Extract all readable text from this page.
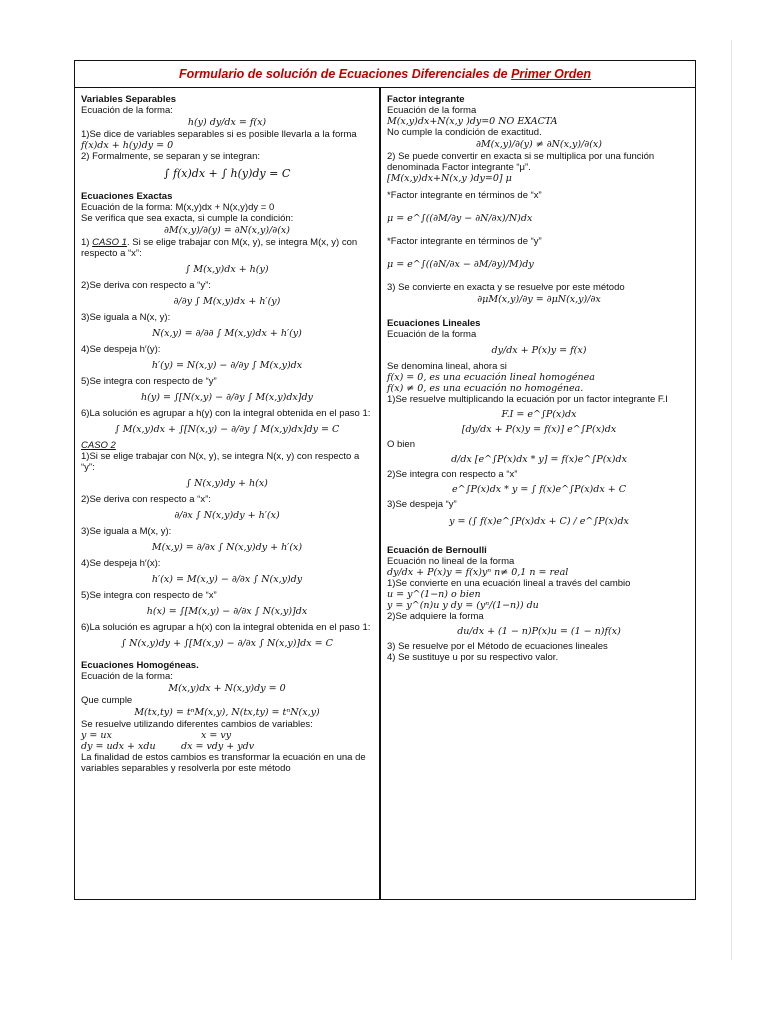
Formulario de solución de Ecuaciones Diferenciales de Primer Orden
Variables Separables
Ecuación de la forma:
h(y) dy/dx = f(x)
1)Se dice de variables separables si es posible llevarla a la forma
f(x)dx + h(y)dy = 0
2) Formalmente, se separan y se integran:
∫ f(x)dx + ∫ h(y)dy = C
Ecuaciones Exactas
Ecuación de la forma: M(x,y)dx + N(x,y)dy = 0
Se verifica que sea exacta, si cumple la condición:
∂M(x,y)/∂(y) = ∂N(x,y)/∂(x)
1) CASO 1. Si se elige trabajar con M(x, y), se integra M(x, y) con respecto a “x”:
∫ M(x,y)dx + h(y)
2)Se deriva con respecto a “y”:
∂/∂y ∫ M(x,y)dx + h′(y)
3)Se iguala a N(x, y):
N(x,y) = ∂/∂∂ ∫ M(x,y)dx + h′(y)
4)Se despeja h′(y):
h′(y) = N(x,y) − ∂/∂y ∫ M(x,y)dx
5)Se integra con respecto de “y”
h(y) = ∫[N(x,y) − ∂/∂y ∫ M(x,y)dx]dy
6)La solución es agrupar a h(y) con la integral obtenida en el paso 1:
∫ M(x,y)dx + ∫[N(x,y) − ∂/∂y ∫ M(x,y)dx]dy = C
CASO 2
1)Si se elige trabajar con N(x, y), se integra N(x, y) con respecto a “y”:
∫ N(x,y)dy + h(x)
2)Se deriva con respecto a “x”:
∂/∂x ∫ N(x,y)dy + h′(x)
3)Se iguala a M(x, y):
M(x,y) = ∂/∂x ∫ N(x,y)dy + h′(x)
4)Se despeja h′(x):
h′(x) = M(x,y) − ∂/∂x ∫ N(x,y)dy
5)Se integra con respecto de “x”
h(x) = ∫[M(x,y) − ∂/∂x ∫ N(x,y)]dx
6)La solución es agrupar a h(x) con la integral obtenida en el paso 1:
∫ N(x,y)dy + ∫[M(x,y) − ∂/∂x ∫ N(x,y)]dx = C
Ecuaciones Homogéneas.
Ecuación de la forma:
M(x,y)dx + N(x,y)dy = 0
Que cumple
M(tx,ty) = tⁿM(x,y), N(tx,ty) = tⁿN(x,y)
Se resuelve utilizando diferentes cambios de variables:
y = ux	x = vy
dy = udx + xdu	dx = vdy + ydv
La finalidad de estos cambios es transformar la ecuación en una de variables separables y resolverla por este método
Factor integrante
Ecuación de la forma
M(x,y)dx+N(x,y )dy=0 NO EXACTA
No cumple la condición de exactitud.
∂M(x,y)/∂(y) ≠ ∂N(x,y)/∂(x)
2) Se puede convertir en exacta si se multiplica por una función denominada Factor integrante “μ”.
[M(x,y)dx+N(x,y )dy=0] μ
*Factor integrante en términos de “x”
μ = e^∫((∂M/∂y − ∂N/∂x)/N)dx
*Factor integrante en términos de “y”
μ = e^∫((∂N/∂x − ∂M/∂y)/M)dy
3) Se convierte en exacta y se resuelve por este método
∂μM(x,y)/∂y = ∂μN(x,y)/∂x
Ecuaciones Lineales
Ecuación de la forma
dy/dx + P(x)y = f(x)
Se denomina lineal, ahora si
f(x) = 0, es una ecuación lineal homogénea
f(x) ≠ 0, es una ecuación no homogénea.
1)Se resuelve multiplicando la ecuación por un factor integrante F.I
F.I = e^∫P(x)dx
[dy/dx + P(x)y = f(x)] e^∫P(x)dx
O bien
d/dx [e^∫P(x)dx * y] = f(x)e^∫P(x)dx
2)Se integra con respecto a “x”
e^∫P(x)dx * y = ∫ f(x)e^∫P(x)dx + C
3)Se despeja “y”
y = (∫ f(x)e^∫P(x)dx + C) / e^∫P(x)dx
Ecuación de Bernoulli
Ecuación no lineal de la forma
dy/dx + P(x)y = f(x)yⁿ n≠ 0,1 n = real
1)Se convierte en una ecuación lineal a través del cambio
u = y^(1−n) o bien
y = y^(n)u y dy = (yⁿ/(1−n)) du
2)Se adquiere la forma
du/dx + (1 − n)P(x)u = (1 − n)f(x)
3) Se resuelve por el Método de ecuaciones lineales
4) Se sustituye u por su respectivo valor.
